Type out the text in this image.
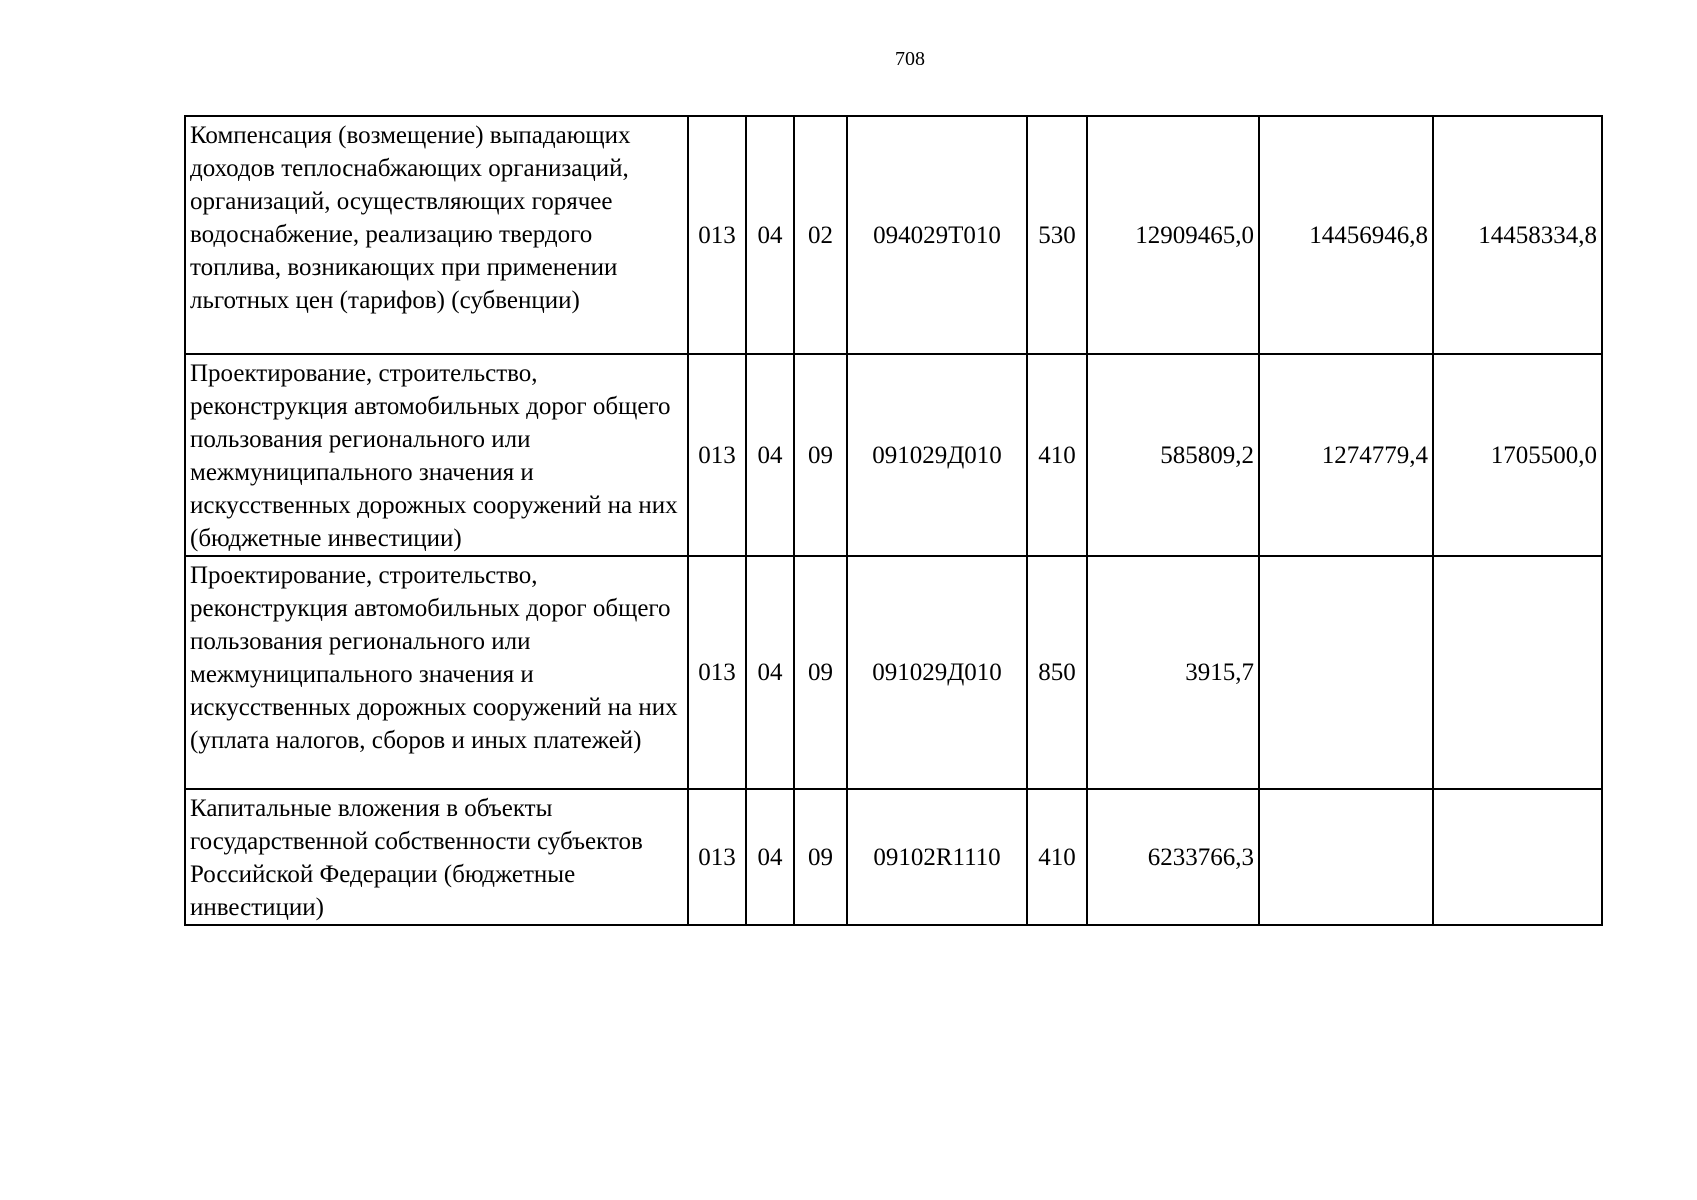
708
Компенсация (возмещение) выпадающих доходов теплоснабжающих организаций, организаций, осуществляющих горячее водоснабжение, реализацию твердого топлива, возникающих при применении льготных цен (тарифов) (субвенции)	013	04	02	094029Т010	530	12909465,0	14456946,8	14458334,8
Проектирование, строительство, реконструкция автомобильных дорог общего пользования регионального или межмуниципального значения и искусственных дорожных сооружений на них (бюджетные инвестиции)	013	04	09	091029Д010	410	585809,2	1274779,4	1705500,0
Проектирование, строительство, реконструкция автомобильных дорог общего пользования регионального или межмуниципального значения и искусственных дорожных сооружений на них (уплата налогов, сборов и иных платежей)	013	04	09	091029Д010	850	3915,7		
Капитальные вложения в объекты государственной собственности субъектов Российской Федерации (бюджетные инвестиции)	013	04	09	09102R1110	410	6233766,3		
